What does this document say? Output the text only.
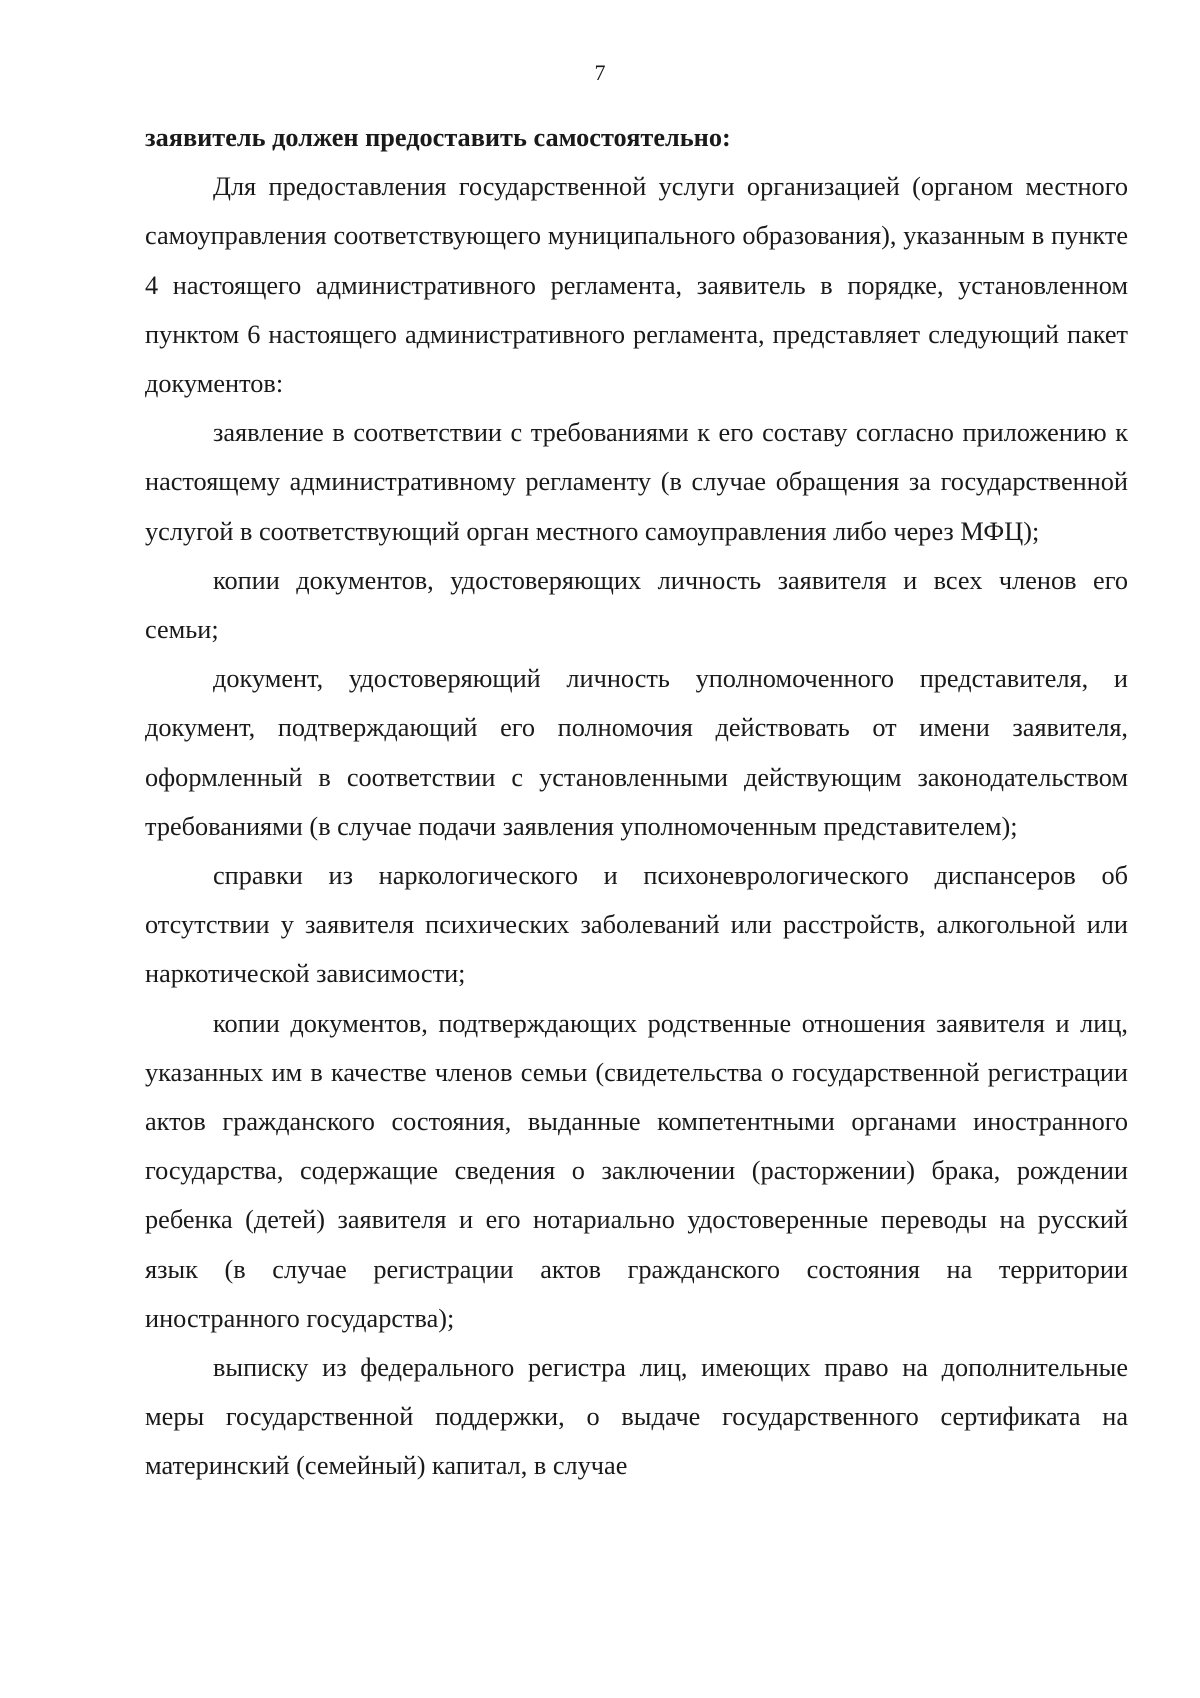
7

заявитель должен предоставить самостоятельно:

Для предоставления государственной услуги организацией (органом местного самоуправления соответствующего муниципального образования), указанным в пункте 4 настоящего административного регламента, заявитель в порядке, установленном пунктом 6 настоящего административного регламента, представляет следующий пакет документов:

заявление в соответствии с требованиями к его составу согласно приложению к настоящему административному регламенту (в случае обращения за государственной услугой в соответствующий орган местного самоуправления либо через МФЦ);

копии документов, удостоверяющих личность заявителя и всех членов его семьи;

документ, удостоверяющий личность уполномоченного представителя, и документ, подтверждающий его полномочия действовать от имени заявителя, оформленный в соответствии с установленными действующим законодательством требованиями (в случае подачи заявления уполномоченным представителем);

справки из наркологического и психоневрологического диспансеров об отсутствии у заявителя психических заболеваний или расстройств, алкогольной или наркотической зависимости;

копии документов, подтверждающих родственные отношения заявителя и лиц, указанных им в качестве членов семьи (свидетельства о государственной регистрации актов гражданского состояния, выданные компетентными органами иностранного государства, содержащие сведения о заключении (расторжении) брака, рождении ребенка (детей) заявителя и его нотариально удостоверенные переводы на русский язык (в случае регистрации актов гражданского состояния на территории иностранного государства);

выписку из федерального регистра лиц, имеющих право на дополнительные меры государственной поддержки, о выдаче государственного сертификата на материнский (семейный) капитал, в случае
